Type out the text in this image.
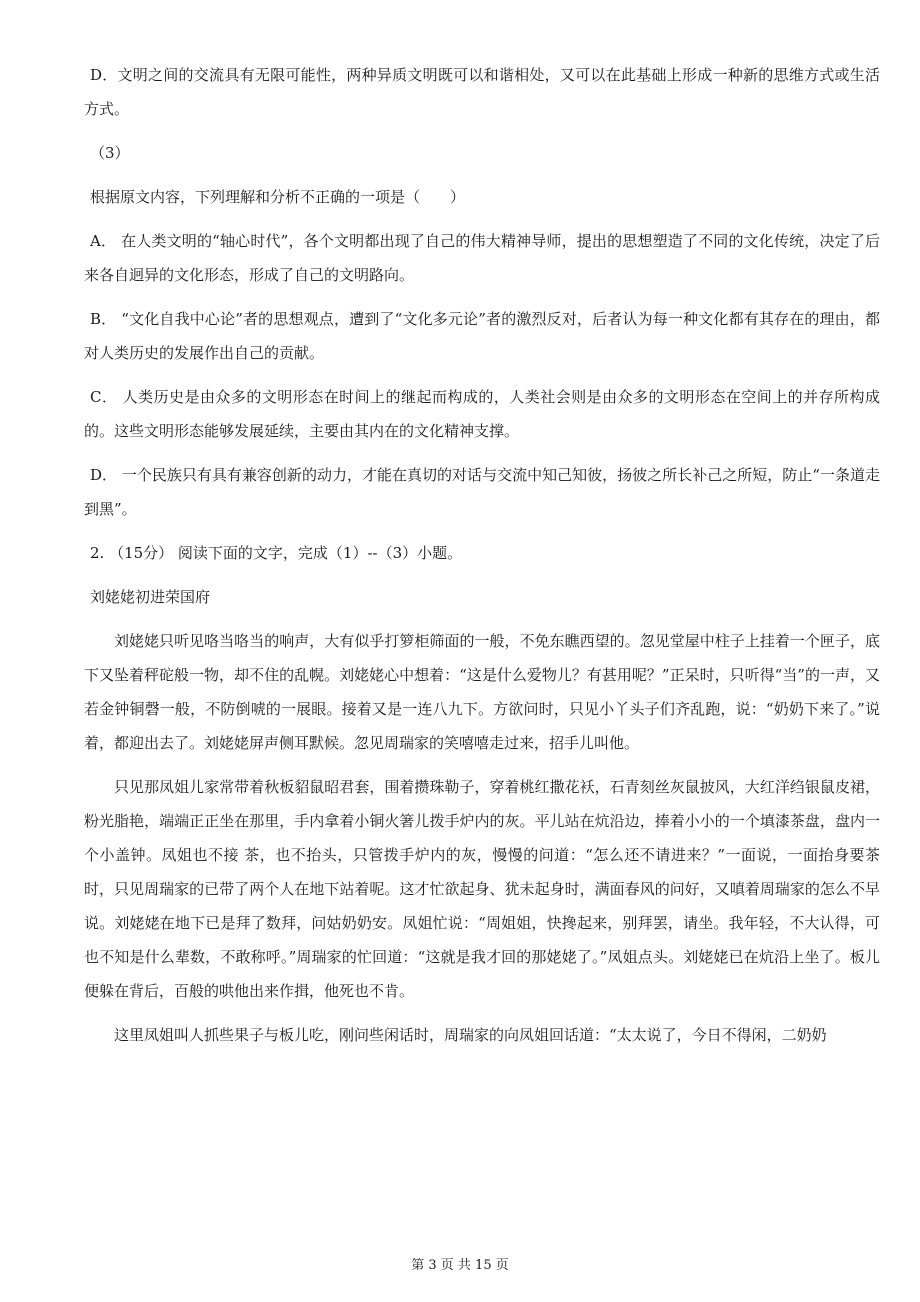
D．文明之间的交流具有无限可能性，两种异质文明既可以和谐相处，又可以在此基础上形成一种新的思维方式或生活方式。

（3）

根据原文内容，下列理解和分析不正确的一项是（　　）

A． 在人类文明的“轴心时代”，各个文明都出现了自己的伟大精神导师，提出的思想塑造了不同的文化传统，决定了后来各自迥异的文化形态，形成了自己的文明路向。

B． “文化自我中心论”者的思想观点，遭到了“文化多元论”者的激烈反对，后者认为每一种文化都有其存在的理由，都对人类历史的发展作出自己的贡献。

C． 人类历史是由众多的文明形态在时间上的继起而构成的，人类社会则是由众多的文明形态在空间上的并存所构成的。这些文明形态能够发展延续，主要由其内在的文化精神支撑。

D． 一个民族只有具有兼容创新的动力，才能在真切的对话与交流中知己知彼，扬彼之所长补己之所短，防止“一条道走到黑”。

2. （15分） 阅读下面的文字，完成（1）--（3）小题。

刘姥姥初进荣国府

刘姥姥只听见咯当咯当的响声，大有似乎打箩柜筛面的一般，不免东瞧西望的。忽见堂屋中柱子上挂着一个匣子，底下又坠着秤砣般一物，却不住的乱幌。刘姥姥心中想着：“这是什么爱物儿？有甚用呢？”正呆时，只听得“当”的一声，又若金钟铜磬一般，不防倒唬的一展眼。接着又是一连八九下。方欲问时，只见小丫头子们齐乱跑，说：“奶奶下来了。”说着，都迎出去了。刘姥姥屏声侧耳默候。忽见周瑞家的笑嘻嘻走过来，招手儿叫他。

只见那凤姐儿家常带着秋板貂鼠昭君套，围着攒珠勒子，穿着桃红撒花袄，石青刻丝灰鼠披风，大红洋绉银鼠皮裙，粉光脂艳，端端正正坐在那里，手内拿着小铜火箸儿拨手炉内的灰。平儿站在炕沿边，捧着小小的一个填漆茶盘，盘内一个小盖钟。凤姐也不接 茶，也不抬头，只管拨手炉内的灰，慢慢的问道：“怎么还不请进来？”一面说，一面抬身要茶时，只见周瑞家的已带了两个人在地下站着呢。这才忙欲起身、犹未起身时，满面春风的问好，又嗔着周瑞家的怎么不早说。刘姥姥在地下已是拜了数拜，问姑奶奶安。凤姐忙说：“周姐姐，快搀起来，别拜罢，请坐。我年轻，不大认得，可也不知是什么辈数，不敢称呼。”周瑞家的忙回道：“这就是我才回的那姥姥了。”凤姐点头。刘姥姥已在炕沿上坐了。板儿便躲在背后，百般的哄他出来作揖，他死也不肯。

这里凤姐叫人抓些果子与板儿吃，刚问些闲话时，周瑞家的向凤姐回话道：“太太说了，今日不得闲，二奶奶

第 3 页 共 15 页
